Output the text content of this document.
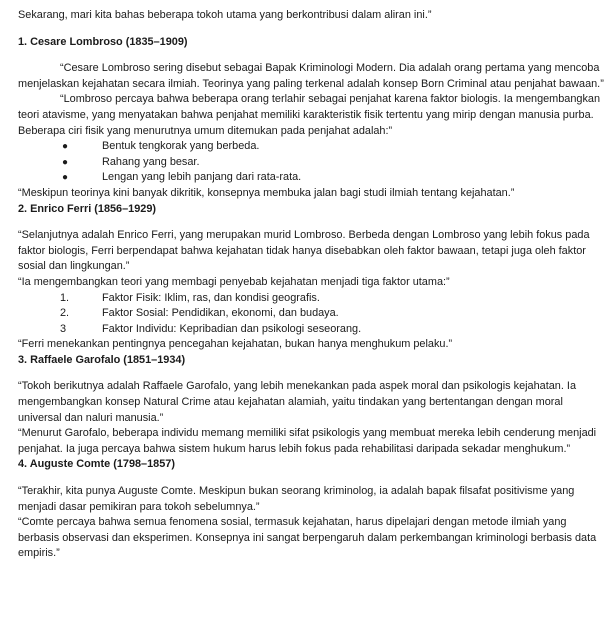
Sekarang, mari kita bahas beberapa tokoh utama yang berkontribusi dalam aliran ini.”

1. Cesare Lombroso (1835–1909)

“Cesare Lombroso sering disebut sebagai Bapak Kriminologi Modern. Dia adalah orang pertama yang mencoba menjelaskan kejahatan secara ilmiah. Teorinya yang paling terkenal adalah konsep Born Criminal atau penjahat bawaan.”

“Lombroso percaya bahwa beberapa orang terlahir sebagai penjahat karena faktor biologis. Ia mengembangkan teori atavisme, yang menyatakan bahwa penjahat memiliki karakteristik fisik tertentu yang mirip dengan manusia purba. Beberapa ciri fisik yang menurutnya umum ditemukan pada penjahat adalah:”

●	Bentuk tengkorak yang berbeda.
●	Rahang yang besar.
●	Lengan yang lebih panjang dari rata-rata.

“Meskipun teorinya kini banyak dikritik, konsepnya membuka jalan bagi studi ilmiah tentang kejahatan.”

2. Enrico Ferri (1856–1929)

“Selanjutnya adalah Enrico Ferri, yang merupakan murid Lombroso. Berbeda dengan Lombroso yang lebih fokus pada faktor biologis, Ferri berpendapat bahwa kejahatan tidak hanya disebabkan oleh faktor bawaan, tetapi juga oleh faktor sosial dan lingkungan.”

“Ia mengembangkan teori yang membagi penyebab kejahatan menjadi tiga faktor utama:”

1.	Faktor Fisik: Iklim, ras, dan kondisi geografis.
2.	Faktor Sosial: Pendidikan, ekonomi, dan budaya.
3	Faktor Individu: Kepribadian dan psikologi seseorang.

“Ferri menekankan pentingnya pencegahan kejahatan, bukan hanya menghukum pelaku.”

3. Raffaele Garofalo (1851–1934)

“Tokoh berikutnya adalah Raffaele Garofalo, yang lebih menekankan pada aspek moral dan psikologis kejahatan. Ia mengembangkan konsep Natural Crime atau kejahatan alamiah, yaitu tindakan yang bertentangan dengan moral universal dan naluri manusia.”

“Menurut Garofalo, beberapa individu memang memiliki sifat psikologis yang membuat mereka lebih cenderung menjadi penjahat. Ia juga percaya bahwa sistem hukum harus lebih fokus pada rehabilitasi daripada sekadar menghukum.”

4. Auguste Comte (1798–1857)

“Terakhir, kita punya Auguste Comte. Meskipun bukan seorang kriminolog, ia adalah bapak filsafat positivisme yang menjadi dasar pemikiran para tokoh sebelumnya.”

“Comte percaya bahwa semua fenomena sosial, termasuk kejahatan, harus dipelajari dengan metode ilmiah yang berbasis observasi dan eksperimen. Konsepnya ini sangat berpengaruh dalam perkembangan kriminologi berbasis data empiris.”
